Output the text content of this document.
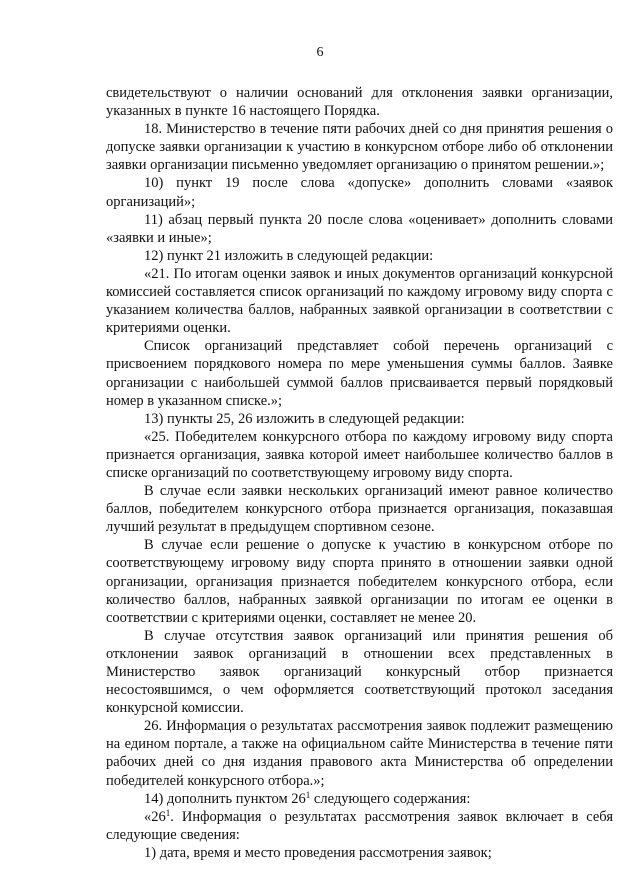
6

свидетельствуют о наличии оснований для отклонения заявки организации, указанных в пункте 16 настоящего Порядка.

18. Министерство в течение пяти рабочих дней со дня принятия решения о допуске заявки организации к участию в конкурсном отборе либо об отклонении заявки организации письменно уведомляет организацию о принятом решении.»;

10) пункт 19 после слова «допуске» дополнить словами «заявок организаций»;

11) абзац первый пункта 20 после слова «оценивает» дополнить словами «заявки и иные»;

12) пункт 21 изложить в следующей редакции:

«21. По итогам оценки заявок и иных документов организаций конкурсной комиссией составляется список организаций по каждому игровому виду спорта с указанием количества баллов, набранных заявкой организации в соответствии с критериями оценки.

Список организаций представляет собой перечень организаций с присвоением порядкового номера по мере уменьшения суммы баллов. Заявке организации с наибольшей суммой баллов присваивается первый порядковый номер в указанном списке.»;

13) пункты 25, 26 изложить в следующей редакции:

«25. Победителем конкурсного отбора по каждому игровому виду спорта признается организация, заявка которой имеет наибольшее количество баллов в списке организаций по соответствующему игровому виду спорта.

В случае если заявки нескольких организаций имеют равное количество баллов, победителем конкурсного отбора признается организация, показавшая лучший результат в предыдущем спортивном сезоне.

В случае если решение о допуске к участию в конкурсном отборе по соответствующему игровому виду спорта принято в отношении заявки одной организации, организация признается победителем конкурсного отбора, если количество баллов, набранных заявкой организации по итогам ее оценки в соответствии с критериями оценки, составляет не менее 20.

В случае отсутствия заявок организаций или принятия решения об отклонении заявок организаций в отношении всех представленных в Министерство заявок организаций конкурсный отбор признается несостоявшимся, о чем оформляется соответствующий протокол заседания конкурсной комиссии.

26. Информация о результатах рассмотрения заявок подлежит размещению на едином портале, а также на официальном сайте Министерства в течение пяти рабочих дней со дня издания правового акта Министерства об определении победителей конкурсного отбора.»;

14) дополнить пунктом $26^1$ следующего содержания:

«$26^1$. Информация о результатах рассмотрения заявок включает в себя следующие сведения:

1) дата, время и место проведения рассмотрения заявок;
